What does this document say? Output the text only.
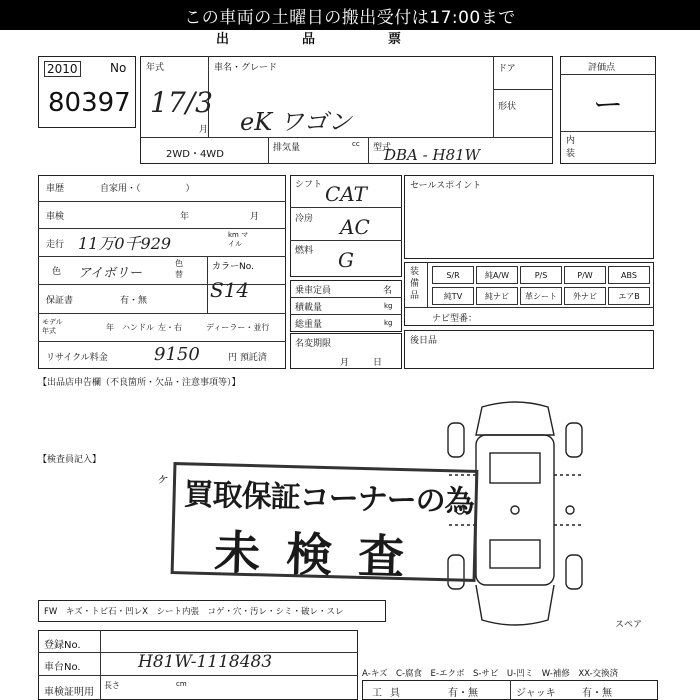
この車両の土曜日の搬出受付は17:00まで
出　品　票
2010	No
80397
年式
17/3
月
車名・グレード
eK ワゴン
ドア
形状
2WD・4WD
排気量	cc 型式
DBA - H81W
評価点
ー
内装
車歴	自家用・（　　　　　）
車検	年	月
走行 11万0千929	km マイル
色 アイボリー
色替
カラーNo.
S14
保証書	有・無
モデル年式	年 ハンドル 左・右	ディーラー・並行
リサイクル料金	9150	円 預託済
シフト CAT
冷房 AC
燃料 G
乗車定員	名
積載量	kg
総重量	kg
名変期限
月日
セールスポイント
装備品
S/R	純A/W	P/S	P/W	ABS
純TV	純ナビ	革シート	外ナビ	エアB
ナビ型番：
後日品
【出品店申告欄（不良箇所・欠品・注意事項等）】
【検査員記入】
買取保証コーナーの為
未検査
ヶ
スペア
FW　キズ・トビ石・凹レX　シート内張　コゲ・穴・汚レ・シミ・破レ・スレ
登録No.
車台No.	H81W-1118483
車検証明用
長さ	cm
A-キズ　C-腐食　E-エクボ　S-サビ　U-凹ミ　W-補修　XX-交換済
工具	有・無	ジャッキ	有・無
